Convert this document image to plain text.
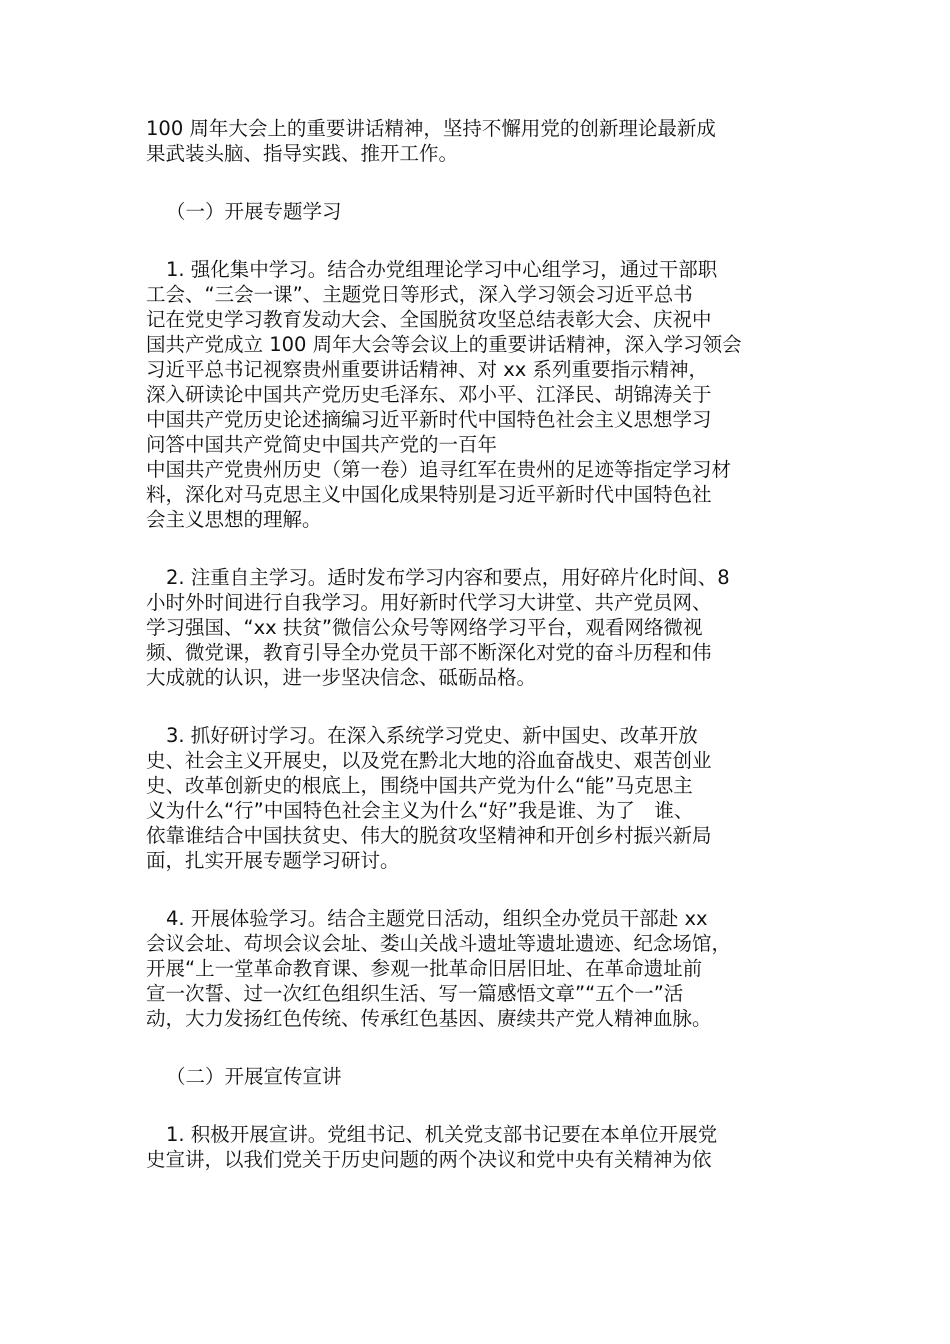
100 周年大会上的重要讲话精神，坚持不懈用党的创新理论最新成
果武装头脑、指导实践、推开工作。
（一）开展专题学习
1. 强化集中学习。结合办党组理论学习中心组学习，通过干部职
工会、“三会一课”、主题党日等形式，深入学习领会习近平总书
记在党史学习教育发动大会、全国脱贫攻坚总结表彰大会、庆祝中
国共产党成立 100 周年大会等会议上的重要讲话精神，深入学习领会
习近平总书记视察贵州重要讲话精神、对 xx 系列重要指示精神，
深入研读论中国共产党历史毛泽东、邓小平、江泽民、胡锦涛关于
中国共产党历史论述摘编习近平新时代中国特色社会主义思想学习
问答中国共产党简史中国共产党的一百年
中国共产党贵州历史（第一卷）追寻红军在贵州的足迹等指定学习材
料，深化对马克思主义中国化成果特别是习近平新时代中国特色社
会主义思想的理解。
2. 注重自主学习。适时发布学习内容和要点，用好碎片化时间、8
小时外时间进行自我学习。用好新时代学习大讲堂、共产党员网、
学习强国、“xx 扶贫”微信公众号等网络学习平台，观看网络微视
频、微党课，教育引导全办党员干部不断深化对党的奋斗历程和伟
大成就的认识，进一步坚决信念、砥砺品格。
3. 抓好研讨学习。在深入系统学习党史、新中国史、改革开放
史、社会主义开展史，以及党在黔北大地的浴血奋战史、艰苦创业
史、改革创新史的根底上，围绕中国共产党为什么“能”马克思主
义为什么“行”中国特色社会主义为什么“好”我是谁、为了　谁、
依靠谁结合中国扶贫史、伟大的脱贫攻坚精神和开创乡村振兴新局
面，扎实开展专题学习研讨。
4. 开展体验学习。结合主题党日活动，组织全办党员干部赴 xx
会议会址、苟坝会议会址、娄山关战斗遗址等遗址遗迹、纪念场馆，
开展“上一堂革命教育课、参观一批革命旧居旧址、在革命遗址前
宣一次誓、过一次红色组织生活、写一篇感悟文章”“五个一”活
动，大力发扬红色传统、传承红色基因、赓续共产党人精神血脉。
（二）开展宣传宣讲
1. 积极开展宣讲。党组书记、机关党支部书记要在本单位开展党
史宣讲，以我们党关于历史问题的两个决议和党中央有关精神为依
